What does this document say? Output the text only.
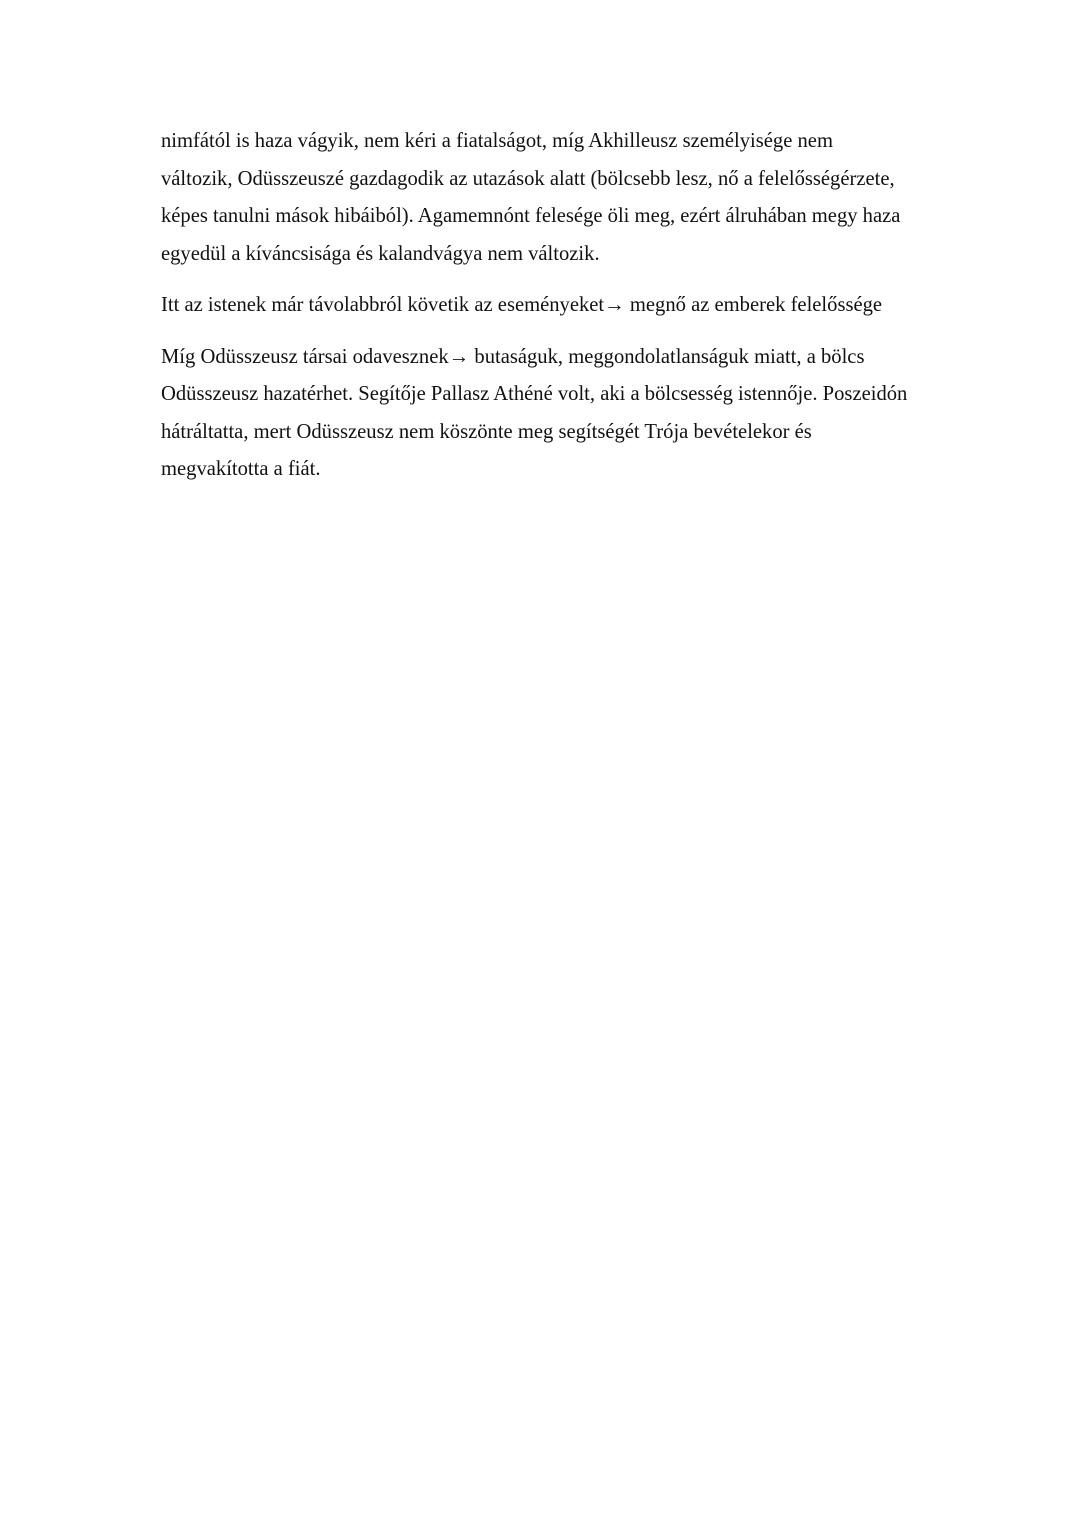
nimfától is haza vágyik, nem kéri a fiatalságot, míg Akhilleusz személyisége nem
változik, Odüsszeuszé gazdagodik az utazások alatt (bölcsebb lesz, nő a felelősségérzete,
képes tanulni mások hibáiból). Agamemnónt felesége öli meg, ezért álruhában megy haza
egyedül a kíváncsisága és kalandvágya nem változik.

Itt az istenek már távolabbról követik az eseményeket→ megnő az emberek felelőssége

Míg Odüsszeusz társai odavesznek→ butaságuk, meggondolatlanságuk miatt, a bölcs
Odüsszeusz hazatérhet. Segítője Pallasz Athéné volt, aki a bölcsesség istennője. Poszeidón
hátráltatta, mert Odüsszeusz nem köszönte meg segítségét Trója bevételekor és
megvakította a fiát.
